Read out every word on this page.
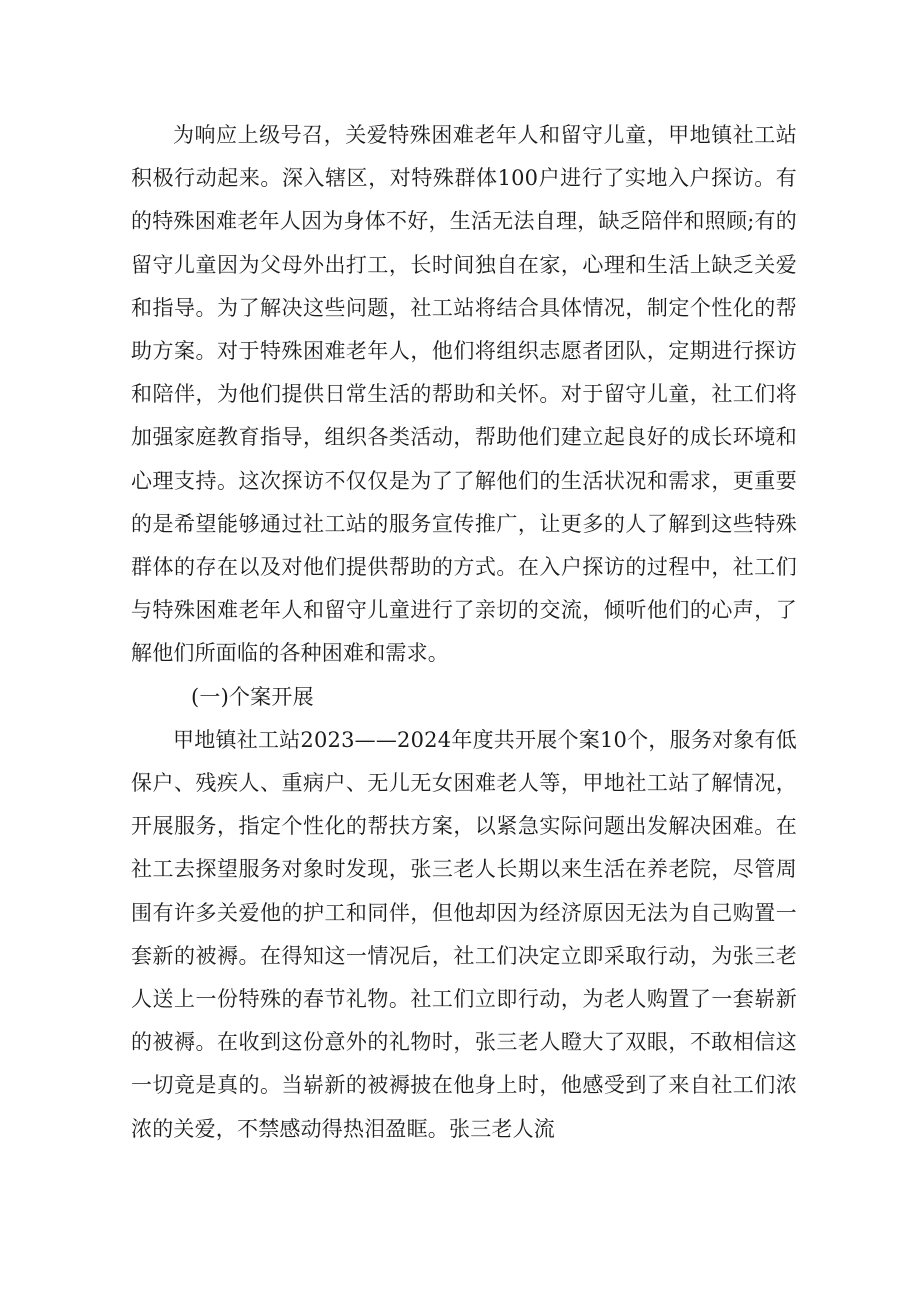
为响应上级号召，关爱特殊困难老年人和留守儿童，甲地镇社工站积极行动起来。深入辖区，对特殊群体100户进行了实地入户探访。有的特殊困难老年人因为身体不好，生活无法自理，缺乏陪伴和照顾;有的留守儿童因为父母外出打工，长时间独自在家，心理和生活上缺乏关爱和指导。为了解决这些问题，社工站将结合具体情况，制定个性化的帮助方案。对于特殊困难老年人，他们将组织志愿者团队，定期进行探访和陪伴，为他们提供日常生活的帮助和关怀。对于留守儿童，社工们将加强家庭教育指导，组织各类活动，帮助他们建立起良好的成长环境和心理支持。这次探访不仅仅是为了了解他们的生活状况和需求，更重要的是希望能够通过社工站的服务宣传推广，让更多的人了解到这些特殊群体的存在以及对他们提供帮助的方式。在入户探访的过程中，社工们与特殊困难老年人和留守儿童进行了亲切的交流，倾听他们的心声，了解他们所面临的各种困难和需求。

(一)个案开展

甲地镇社工站2023——2024年度共开展个案10个，服务对象有低保户、残疾人、重病户、无儿无女困难老人等，甲地社工站了解情况，开展服务，指定个性化的帮扶方案，以紧急实际问题出发解决困难。在社工去探望服务对象时发现，张三老人长期以来生活在养老院，尽管周围有许多关爱他的护工和同伴，但他却因为经济原因无法为自己购置一套新的被褥。在得知这一情况后，社工们决定立即采取行动，为张三老人送上一份特殊的春节礼物。社工们立即行动，为老人购置了一套崭新的被褥。在收到这份意外的礼物时，张三老人瞪大了双眼，不敢相信这一切竟是真的。当崭新的被褥披在他身上时，他感受到了来自社工们浓浓的关爱，不禁感动得热泪盈眶。张三老人流
